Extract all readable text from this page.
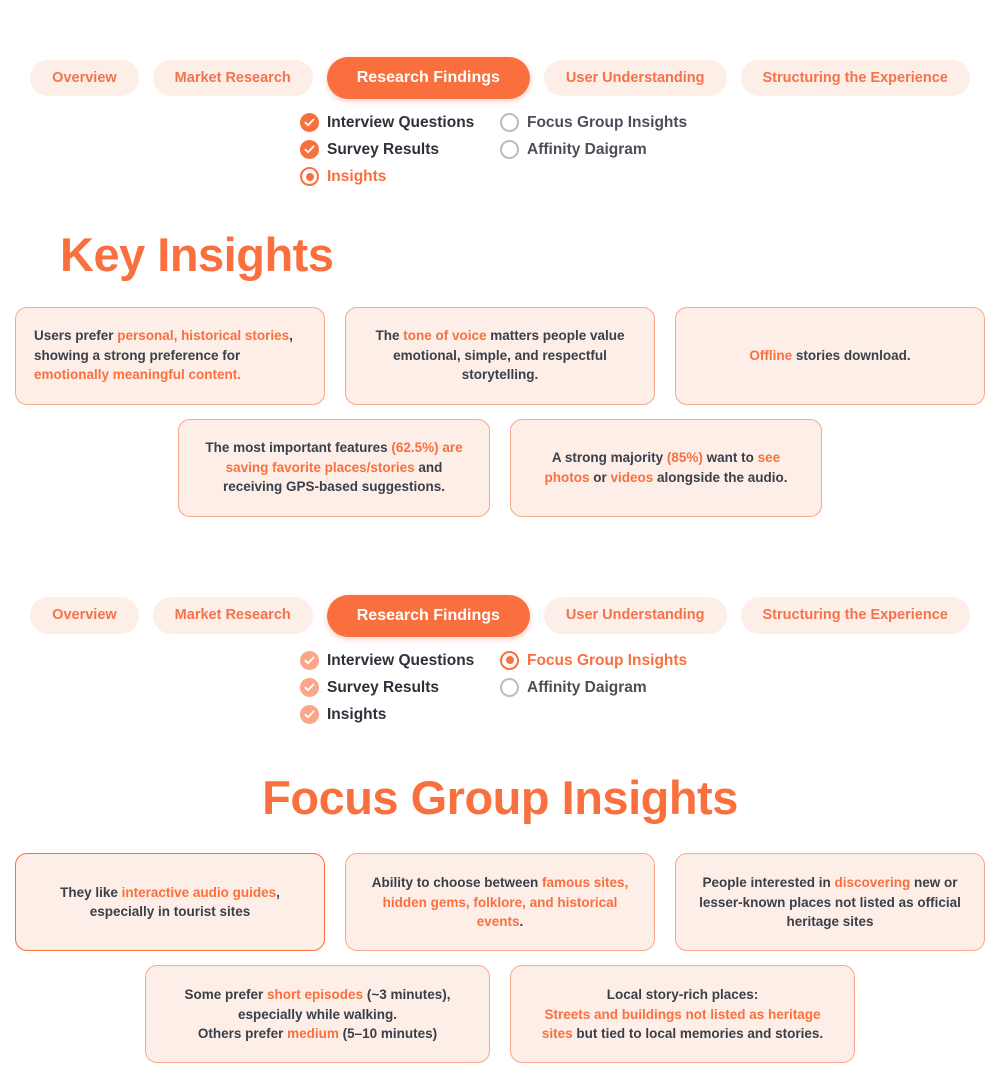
Overview	Market Research	Research Findings	User Understanding	Structuring the Experience
Interview Questions
Survey Results
Insights
Focus Group Insights
Affinity Daigram
Key Insights
Users prefer personal, historical stories, showing a strong preference for emotionally meaningful content.
The tone of voice matters people value emotional, simple, and respectful storytelling.
Offline stories download.
The most important features (62.5%) are saving favorite places/stories and receiving GPS-based suggestions.
A strong majority (85%) want to see photos or videos alongside the audio.
Overview	Market Research	Research Findings	User Understanding	Structuring the Experience
Interview Questions
Survey Results
Insights
Focus Group Insights
Affinity Daigram
Focus Group Insights
They like interactive audio guides, especially in tourist sites
Ability to choose between famous sites, hidden gems, folklore, and historical events.
People interested in discovering new or lesser-known places not listed as official heritage sites
Some prefer short episodes (~3 minutes), especially while walking.
Others prefer medium (5–10 minutes)
Local story-rich places:
Streets and buildings not listed as heritage sites but tied to local memories and stories.
